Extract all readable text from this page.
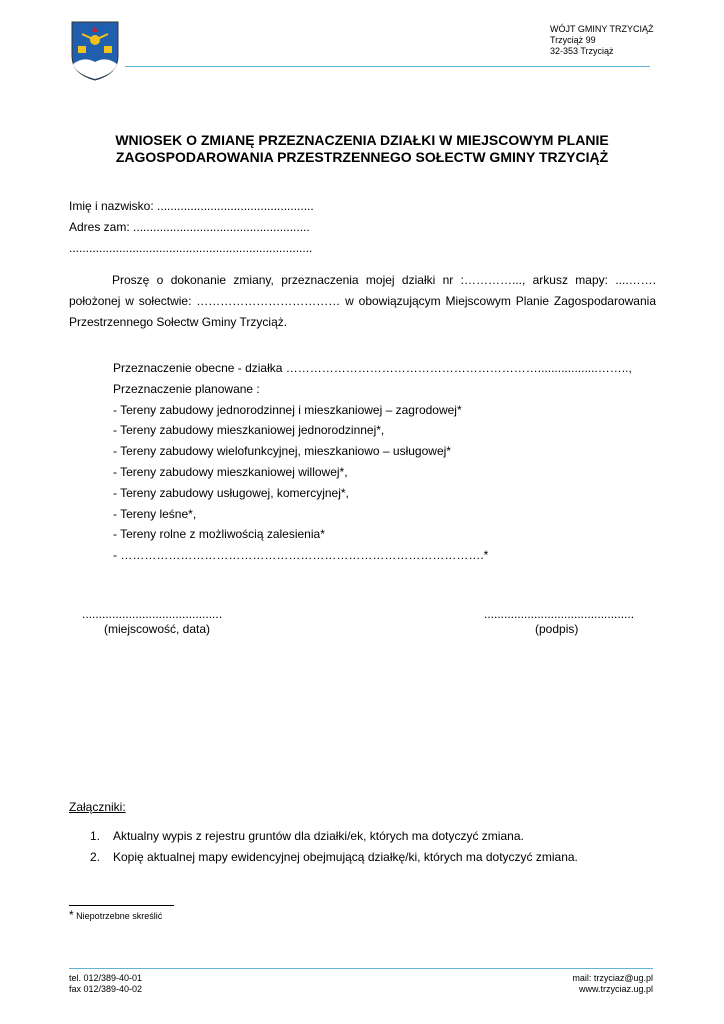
WÓJT GMINY TRZYCIĄŻ
Trzyciąż 99
32-353 Trzyciąż
WNIOSEK O ZMIANĘ PRZEZNACZENIA DZIAŁKI W MIEJSCOWYM PLANIE
ZAGOSPODAROWANIA PRZESTRZENNEGO SOŁECTW GMINY TRZYCIĄŻ
Imię i nazwisko: ...............................................
Adres zam: .....................................................
.........................................................................
Proszę o dokonanie zmiany, przeznaczenia mojej działki nr :…………..., arkusz mapy: ....……. położonej w sołectwie: ……………………………… w obowiązującym Miejscowym Planie Zagospodarowania Przestrzennego Sołectw Gminy Trzyciąż.
Przeznaczenie obecne - działka ………………………………………………………..................……..,
Przeznaczenie planowane :
- Tereny zabudowy jednorodzinnej i mieszkaniowej – zagrodowej*
- Tereny zabudowy mieszkaniowej jednorodzinnej*,
- Tereny zabudowy wielofunkcyjnej, mieszkaniowo – usługowej*
- Tereny zabudowy mieszkaniowej willowej*,
- Tereny zabudowy usługowej, komercyjnej*,
- Tereny leśne*,
- Tereny rolne z możliwością zalesienia*
- ……………………………………………………………………………….*
..........................................
(miejscowość, data)
.............................................
(podpis)
Załączniki:
1. Aktualny wypis z rejestru gruntów dla działki/ek, których ma dotyczyć zmiana.
2. Kopię aktualnej mapy ewidencyjnej obejmującą działkę/ki, których ma dotyczyć zmiana.
* Niepotrzebne skreślić
tel. 012/389-40-01
fax 012/389-40-02
mail: trzyciaz@ug.pl
www.trzyciaz.ug.pl
